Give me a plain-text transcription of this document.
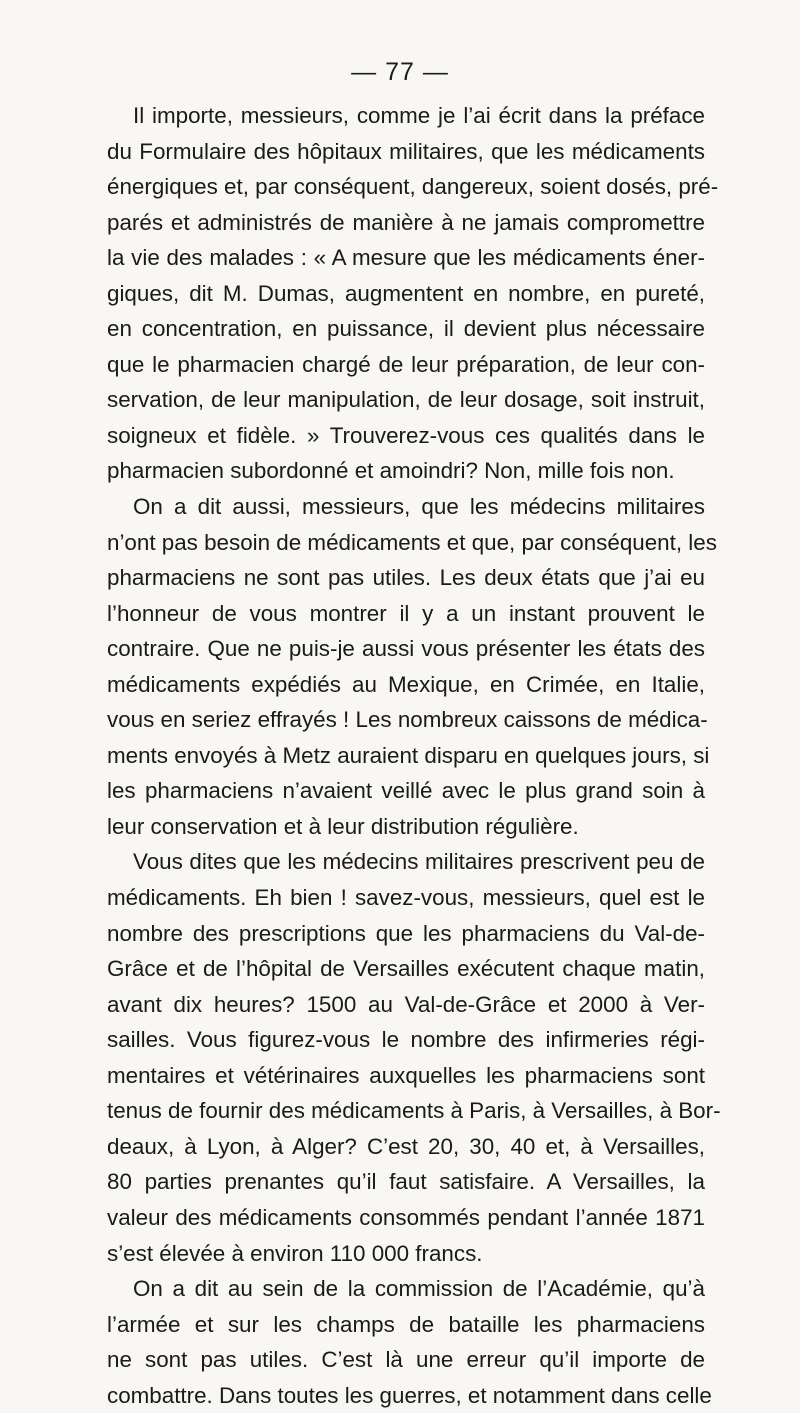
— 77 —
Il importe, messieurs, comme je l’ai écrit dans la préface
du Formulaire des hôpitaux militaires, que les médicaments
énergiques et, par conséquent, dangereux, soient dosés, pré-
parés et administrés de manière à ne jamais compromettre
la vie des malades : « A mesure que les médicaments éner-
giques, dit M. Dumas, augmentent en nombre, en pureté,
en concentration, en puissance, il devient plus nécessaire
que le pharmacien chargé de leur préparation, de leur con-
servation, de leur manipulation, de leur dosage, soit instruit,
soigneux et fidèle. » Trouverez-vous ces qualités dans le
pharmacien subordonné et amoindri? Non, mille fois non.
On a dit aussi, messieurs, que les médecins militaires
n’ont pas besoin de médicaments et que, par conséquent, les
pharmaciens ne sont pas utiles. Les deux états que j’ai eu
l’honneur de vous montrer il y a un instant prouvent le
contraire. Que ne puis-je aussi vous présenter les états des
médicaments expédiés au Mexique, en Crimée, en Italie,
vous en seriez effrayés ! Les nombreux caissons de médica-
ments envoyés à Metz auraient disparu en quelques jours, si
les pharmaciens n’avaient veillé avec le plus grand soin à
leur conservation et à leur distribution régulière.
Vous dites que les médecins militaires prescrivent peu de
médicaments. Eh bien ! savez-vous, messieurs, quel est le
nombre des prescriptions que les pharmaciens du Val-de-
Grâce et de l’hôpital de Versailles exécutent chaque matin,
avant dix heures? 1500 au Val-de-Grâce et 2000 à Ver-
sailles. Vous figurez-vous le nombre des infirmeries régi-
mentaires et vétérinaires auxquelles les pharmaciens sont
tenus de fournir des médicaments à Paris, à Versailles, à Bor-
deaux, à Lyon, à Alger? C’est 20, 30, 40 et, à Versailles,
80 parties prenantes qu’il faut satisfaire. A Versailles, la
valeur des médicaments consommés pendant l’année 1871
s’est élevée à environ 110 000 francs.
On a dit au sein de la commission de l’Académie, qu’à
l’armée et sur les champs de bataille les pharmaciens
ne sont pas utiles. C’est là une erreur qu’il importe de
combattre. Dans toutes les guerres, et notamment dans celle
